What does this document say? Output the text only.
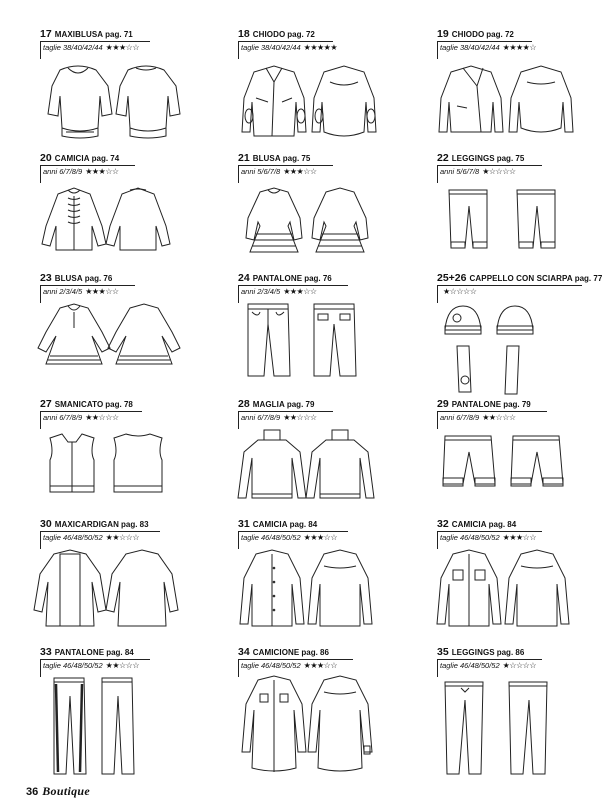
17 MAXIBLUSA pag. 71
taglie 38/40/42/44 ★★★☆☆
18 CHIODO pag. 72
taglie 38/40/42/44 ★★★★★
19 CHIODO pag. 72
taglie 38/40/42/44 ★★★★☆
20 CAMICIA pag. 74
anni 6/7/8/9 ★★★☆☆
21 BLUSA pag. 75
anni 5/6/7/8 ★★★☆☆
22 LEGGINGS pag. 75
anni 5/6/7/8 ★☆☆☆☆
23 BLUSA pag. 76
anni 2/3/4/5 ★★★☆☆
24 PANTALONE pag. 76
anni 2/3/4/5 ★★★☆☆
25+26 CAPPELLO CON SCIARPA pag. 77
★☆☆☆☆
27 SMANICATO pag. 78
anni 6/7/8/9 ★★☆☆☆
28 MAGLIA pag. 79
anni 6/7/8/9 ★★☆☆☆
29 PANTALONE pag. 79
anni 6/7/8/9 ★★☆☆☆
30 MAXICARDIGAN pag. 83
taglie 46/48/50/52 ★★☆☆☆
31 CAMICIA pag. 84
taglie 46/48/50/52 ★★★☆☆
32 CAMICIA pag. 84
taglie 46/48/50/52 ★★★☆☆
33 PANTALONE pag. 84
taglie 46/48/50/52 ★★☆☆☆
34 CAMICIONE pag. 86
taglie 46/48/50/52 ★★★☆☆
35 LEGGINGS pag. 86
taglie 46/48/50/52 ★☆☆☆☆
36 Boutique
